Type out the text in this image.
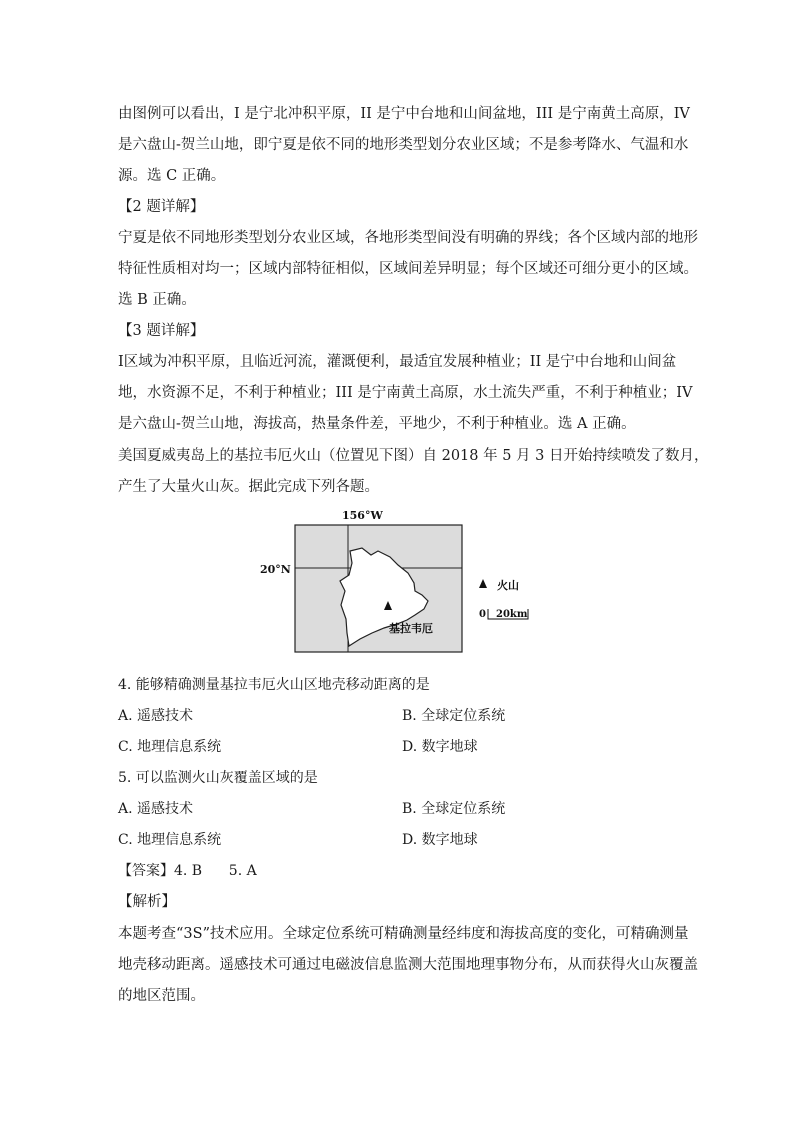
由图例可以看出，I 是宁北冲积平原，II 是宁中台地和山间盆地，III 是宁南黄土高原，IV
是六盘山-贺兰山地，即宁夏是依不同的地形类型划分农业区域；不是参考降水、气温和水
源。选 C 正确。
【2 题详解】
宁夏是依不同地形类型划分农业区域，各地形类型间没有明确的界线；各个区域内部的地形
特征性质相对均一；区域内部特征相似，区域间差异明显；每个区域还可细分更小的区域。
选 B 正确。
【3 题详解】
Ⅰ区域为冲积平原，且临近河流，灌溉便利，最适宜发展种植业；II 是宁中台地和山间盆
地，水资源不足，不利于种植业；III 是宁南黄土高原，水土流失严重，不利于种植业；IV
是六盘山-贺兰山地，海拔高，热量条件差，平地少，不利于种植业。选 A 正确。
美国夏威夷岛上的基拉韦厄火山（位置见下图）自 2018 年 5 月 3 日开始持续喷发了数月，
产生了大量火山灰。据此完成下列各题。
156°W
20°N
基拉韦厄
火山
0 20km
4. 能够精确测量基拉韦厄火山区地壳移动距离的是
A. 遥感技术	B. 全球定位系统
C. 地理信息系统	D. 数字地球
5. 可以监测火山灰覆盖区域的是
A. 遥感技术	B. 全球定位系统
C. 地理信息系统	D. 数字地球
【答案】4. B      5. A
【解析】
本题考查“3S”技术应用。全球定位系统可精确测量经纬度和海拔高度的变化，可精确测量
地壳移动距离。遥感技术可通过电磁波信息监测大范围地理事物分布，从而获得火山灰覆盖
的地区范围。
